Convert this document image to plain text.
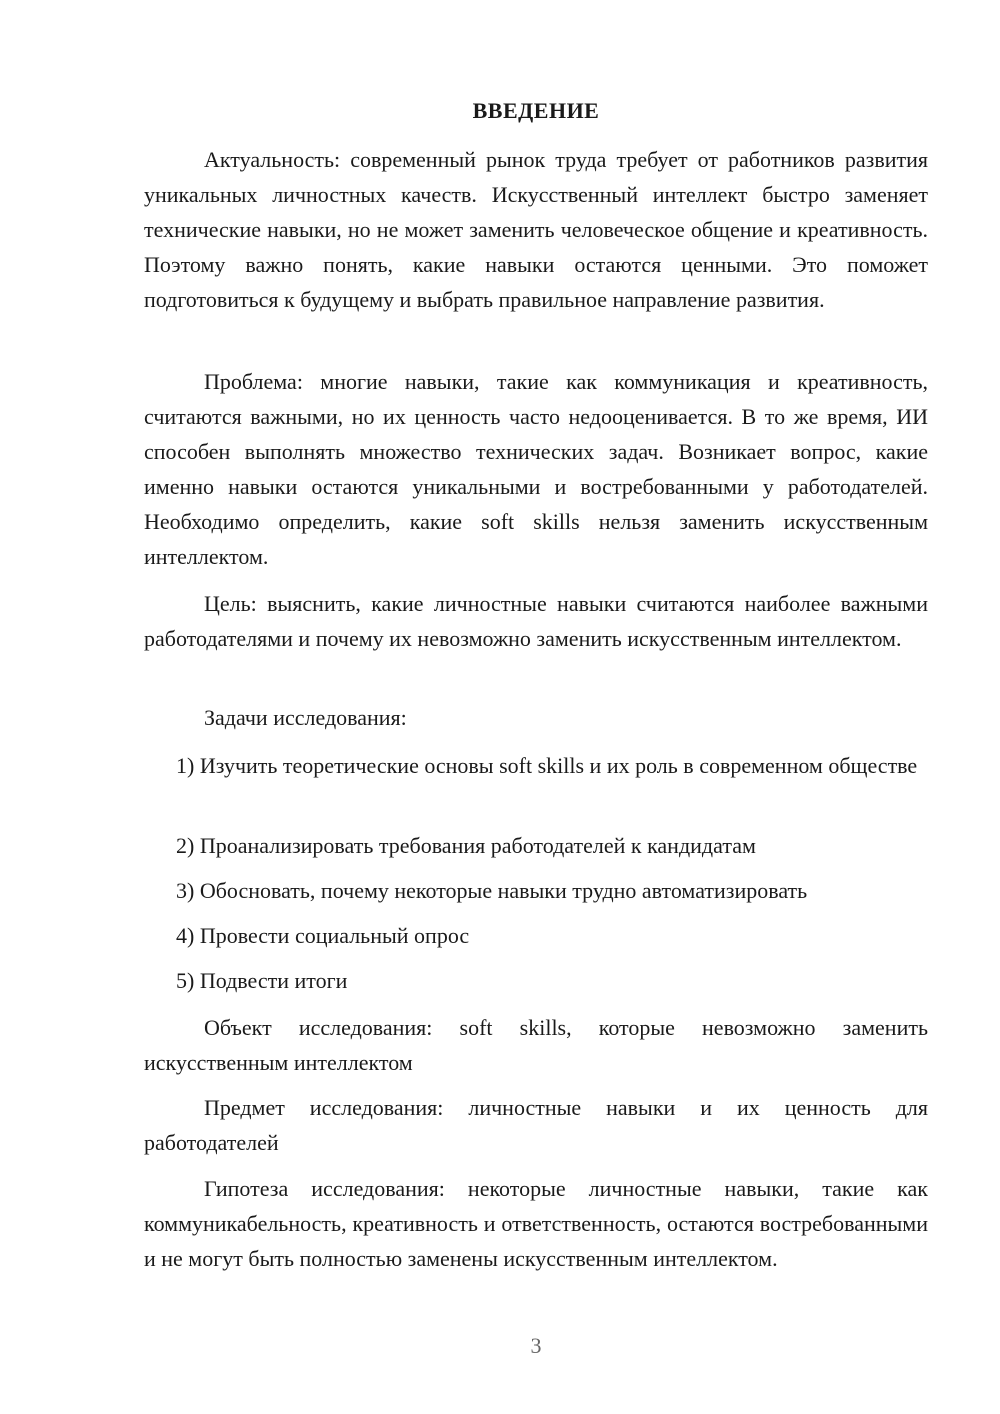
ВВЕДЕНИЕ

Актуальность: современный рынок труда требует от работников развития уникальных личностных качеств. Искусственный интеллект быстро заменяет технические навыки, но не может заменить человеческое общение и креативность. Поэтому важно понять, какие навыки остаются ценными. Это поможет подготовиться к будущему и выбрать правильное направление развития.

Проблема: многие навыки, такие как коммуникация и креативность, считаются важными, но их ценность часто недооценивается. В то же время, ИИ способен выполнять множество технических задач. Возникает вопрос, какие именно навыки остаются уникальными и востребованными у работодателей. Необходимо определить, какие soft skills нельзя заменить искусственным интеллектом.

Цель: выяснить, какие личностные навыки считаются наиболее важными работодателями и почему их невозможно заменить искусственным интеллектом.

Задачи исследования:

1) Изучить теоретические основы soft skills и их роль в современном обществе

2) Проанализировать требования работодателей к кандидатам

3) Обосновать, почему некоторые навыки трудно автоматизировать

4) Провести социальный опрос

5) Подвести итоги

Объект исследования: soft skills, которые невозможно заменить искусственным интеллектом

Предмет исследования: личностные навыки и их ценность для работодателей

Гипотеза исследования: некоторые личностные навыки, такие как коммуникабельность, креативность и ответственность, остаются востребованными и не могут быть полностью заменены искусственным интеллектом.

3
